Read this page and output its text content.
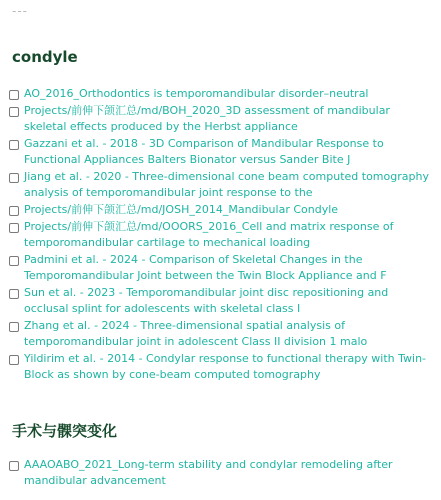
---
condyle
AO_2016_Orthodontics is temporomandibular disorder–neutral
Projects/前伸下颌汇总/md/BOH_2020_3D assessment of mandibular skeletal effects produced by the Herbst appliance
Gazzani et al. - 2018 - 3D Comparison of Mandibular Response to Functional Appliances Balters Bionator versus Sander Bite J
Jiang et al. - 2020 - Three-dimensional cone beam computed tomography analysis of temporomandibular joint response to the
Projects/前伸下颌汇总/md/JOSH_2014_Mandibular Condyle
Projects/前伸下颌汇总/md/OOORS_2016_Cell and matrix response of temporomandibular cartilage to mechanical loading
Padmini et al. - 2024 - Comparison of Skeletal Changes in the Temporomandibular Joint between the Twin Block Appliance and F
Sun et al. - 2023 - Temporomandibular joint disc repositioning and occlusal splint for adolescents with skeletal class I
Zhang et al. - 2024 - Three-dimensional spatial analysis of temporomandibular joint in adolescent Class II division 1 malo
Yildirim et al. - 2014 - Condylar response to functional therapy with Twin-Block as shown by cone-beam computed tomography
手术与髁突变化
AAAOABO_2021_Long-term stability and condylar remodeling after mandibular advancement
